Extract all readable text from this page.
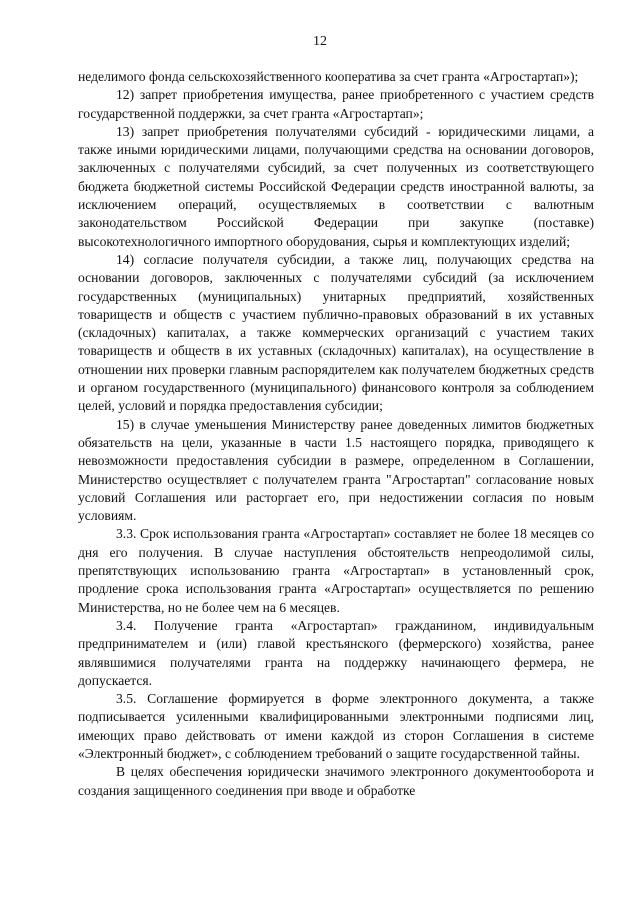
12

неделимого фонда сельскохозяйственного кооператива за счет гранта «Агростартап»);

12) запрет приобретения имущества, ранее приобретенного с участием средств государственной поддержки, за счет гранта «Агростартап»;

13) запрет приобретения получателями субсидий - юридическими лицами, а также иными юридическими лицами, получающими средства на основании договоров, заключенных с получателями субсидий, за счет полученных из соответствующего бюджета бюджетной системы Российской Федерации средств иностранной валюты, за исключением операций, осуществляемых в соответствии с валютным законодательством Российской Федерации при закупке (поставке) высокотехнологичного импортного оборудования, сырья и комплектующих изделий;

14) согласие получателя субсидии, а также лиц, получающих средства на основании договоров, заключенных с получателями субсидий (за исключением государственных (муниципальных) унитарных предприятий, хозяйственных товариществ и обществ с участием публично-правовых образований в их уставных (складочных) капиталах, а также коммерческих организаций с участием таких товариществ и обществ в их уставных (складочных) капиталах), на осуществление в отношении них проверки главным распорядителем как получателем бюджетных средств и органом государственного (муниципального) финансового контроля за соблюдением целей, условий и порядка предоставления субсидии;

15) в случае уменьшения Министерству ранее доведенных лимитов бюджетных обязательств на цели, указанные в части 1.5 настоящего порядка, приводящего к невозможности предоставления субсидии в размере, определенном в Соглашении, Министерство осуществляет с получателем гранта "Агростартап" согласование новых условий Соглашения или расторгает его, при недостижении согласия по новым условиям.

3.3. Срок использования гранта «Агростартап» составляет не более 18 месяцев со дня его получения. В случае наступления обстоятельств непреодолимой силы, препятствующих использованию гранта «Агростартап» в установленный срок, продление срока использования гранта «Агростартап» осуществляется по решению Министерства, но не более чем на 6 месяцев.

3.4. Получение гранта «Агростартап» гражданином, индивидуальным предпринимателем и (или) главой крестьянского (фермерского) хозяйства, ранее являвшимися получателями гранта на поддержку начинающего фермера, не допускается.

3.5. Соглашение формируется в форме электронного документа, а также подписывается усиленными квалифицированными электронными подписями лиц, имеющих право действовать от имени каждой из сторон Соглашения в системе «Электронный бюджет», с соблюдением требований о защите государственной тайны.

В целях обеспечения юридически значимого электронного документооборота и создания защищенного соединения при вводе и обработке
